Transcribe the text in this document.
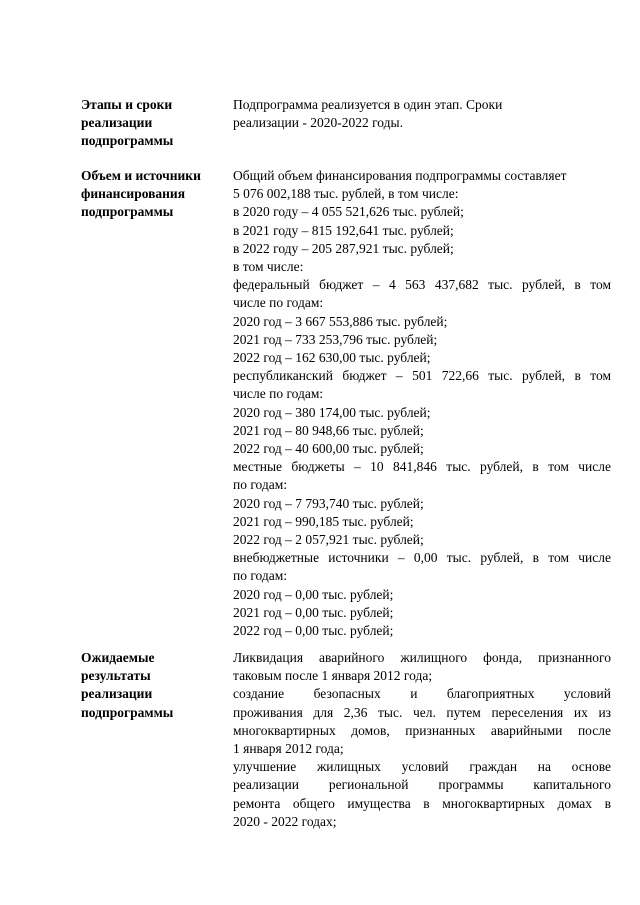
Этапы и сроки
реализации
подпрограммы
Подпрограмма реализуется в один этап. Сроки
реализации - 2020-2022 годы.
Объем и источники
финансирования
подпрограммы
Общий объем финансирования подпрограммы составляет
5 076 002,188 тыс. рублей, в том числе:
в 2020 году – 4 055 521,626 тыс. рублей;
в 2021 году – 815 192,641 тыс. рублей;
в 2022 году – 205 287,921 тыс. рублей;
в том числе:
федеральный бюджет – 4 563 437,682 тыс. рублей, в том
числе по годам:
2020 год – 3 667 553,886 тыс. рублей;
2021 год – 733 253,796 тыс. рублей;
2022 год – 162 630,00 тыс. рублей;
республиканский бюджет – 501 722,66 тыс. рублей, в том
числе по годам:
2020 год – 380 174,00 тыс. рублей;
2021 год – 80 948,66 тыс. рублей;
2022 год – 40 600,00 тыс. рублей;
местные бюджеты – 10 841,846 тыс. рублей, в том числе
по годам:
2020 год – 7 793,740 тыс. рублей;
2021 год – 990,185 тыс. рублей;
2022 год – 2 057,921 тыс. рублей;
внебюджетные источники – 0,00 тыс. рублей, в том числе
по годам:
2020 год – 0,00 тыс. рублей;
2021 год – 0,00 тыс. рублей;
2022 год – 0,00 тыс. рублей;
Ожидаемые
результаты
реализации
подпрограммы
Ликвидация аварийного жилищного фонда, признанного
таковым после 1 января 2012 года;
создание безопасных и благоприятных условий
проживания для 2,36 тыс. чел. путем переселения их из
многоквартирных домов, признанных аварийными после
1 января 2012 года;
улучшение жилищных условий граждан на основе
реализации региональной программы капитального
ремонта общего имущества в многоквартирных домах в
2020 - 2022 годах;
